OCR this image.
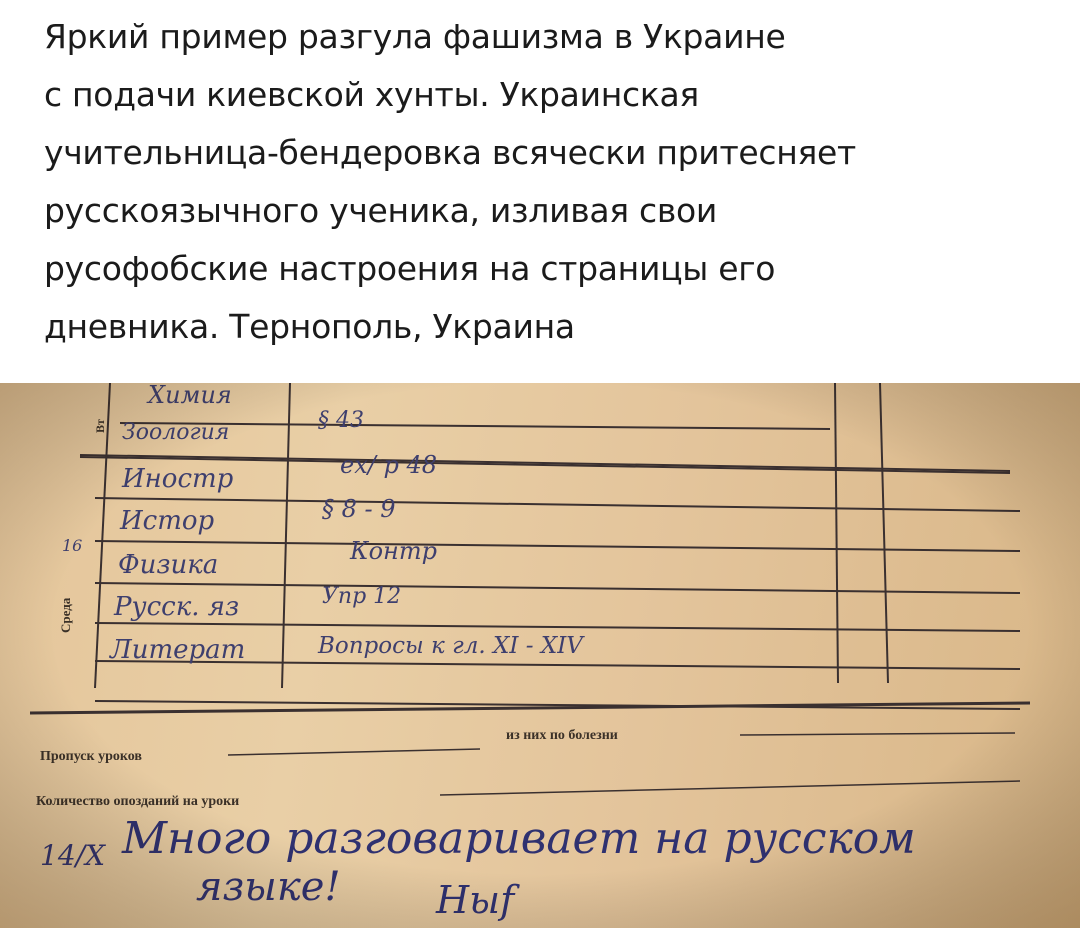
Яркий пример разгула фашизма в Украине
с подачи киевской хунты. Украинская
учительница-бендеровка всячески притесняет
русскоязычного ученика, изливая свои
русофобские настроения на страницы его
дневника. Тернополь, Украина
